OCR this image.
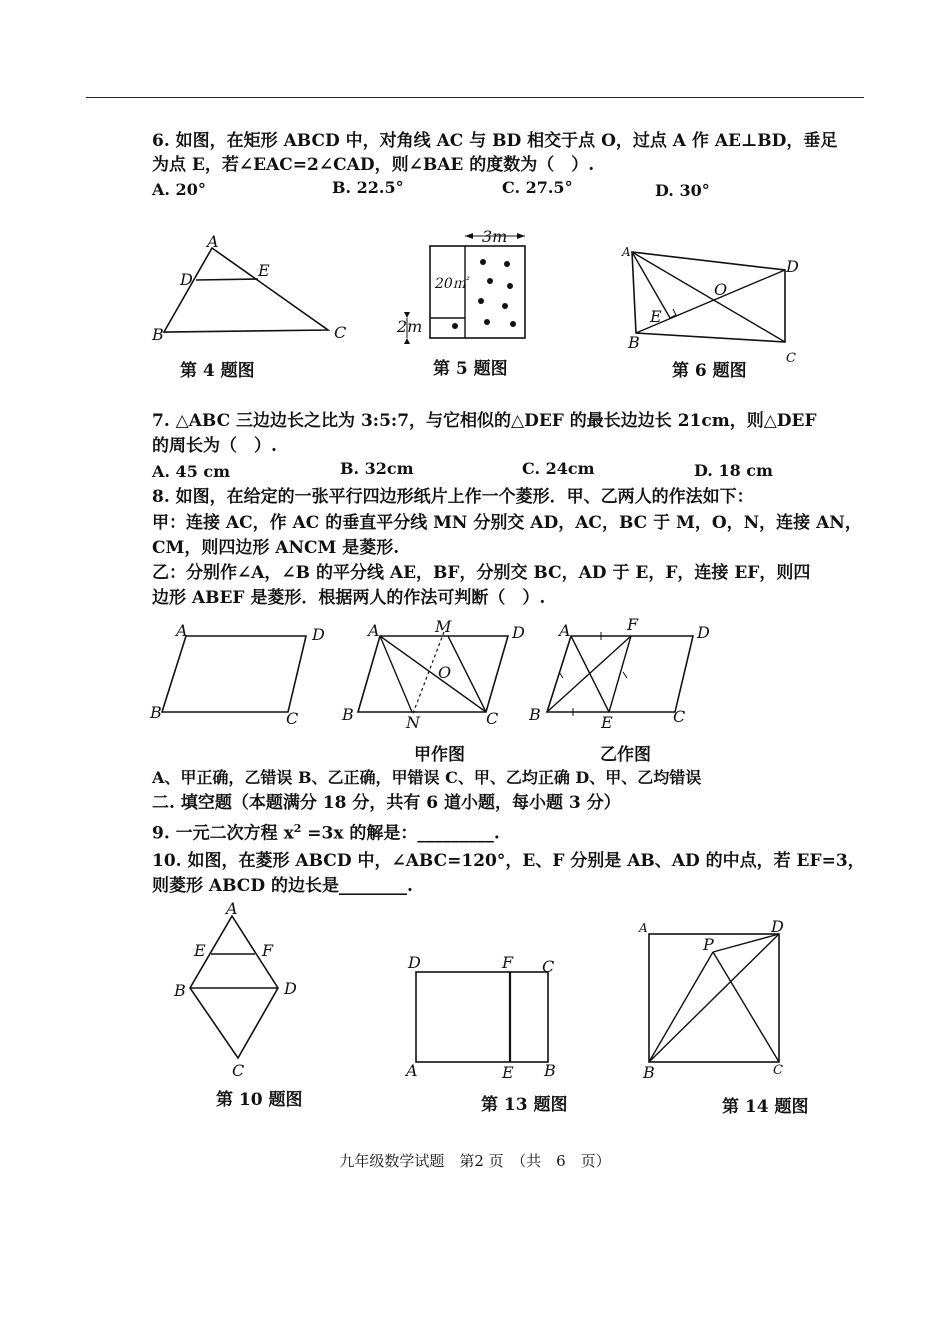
6. 如图，在矩形 ABCD 中，对角线 AC 与 BD 相交于点 O，过点 A 作 AE⊥BD，垂足
为点 E，若∠EAC=2∠CAD，则∠BAE 的度数为（　）.
A. 20°	B. 22.5°	C. 27.5°	D. 30°
A
D	E
B	C
第 4 题图
3m
20㎡
2m
第 5 题图
A
D
O
E
B
C
第 6 题图
7. △ABC 三边边长之比为 3:5:7，与它相似的△DEF 的最长边边长 21cm，则△DEF
的周长为（　）.
A. 45 cm	B. 32cm	C. 24cm	D. 18 cm
8. 如图，在给定的一张平行四边形纸片上作一个菱形．甲、乙两人的作法如下：
甲：连接 AC，作 AC 的垂直平分线 MN 分别交 AD，AC，BC 于 M，O，N，连接 AN，
CM，则四边形 ANCM 是菱形.
乙：分别作∠A，∠B 的平分线 AE，BF，分别交 BC，AD 于 E，F，连接 EF，则四
边形 ABEF 是菱形．根据两人的作法可判断（　）.
A	D
B	C
A	M	D
O
B	N	C
A	F	D
B	E	C
甲作图	乙作图
A、甲正确，乙错误 B、乙正确，甲错误 C、甲、乙均正确 D、甲、乙均错误
二. 填空题（本题满分 18 分，共有 6 道小题，每小题 3 分）
9. 一元二次方程 $x^2 =3x$ 的解是：_________.
10. 如图，在菱形 ABCD 中，∠ABC=120°，E、F 分别是 AB、AD 的中点，若 EF=3，
则菱形 ABCD 的边长是________.
A
E	F
B	D
C
第 10 题图
D	F C
A	E B
第 13 题图
A	D
P
B	C
第 14 题图
九年级数学试题　第2 页　（共　6　页）
